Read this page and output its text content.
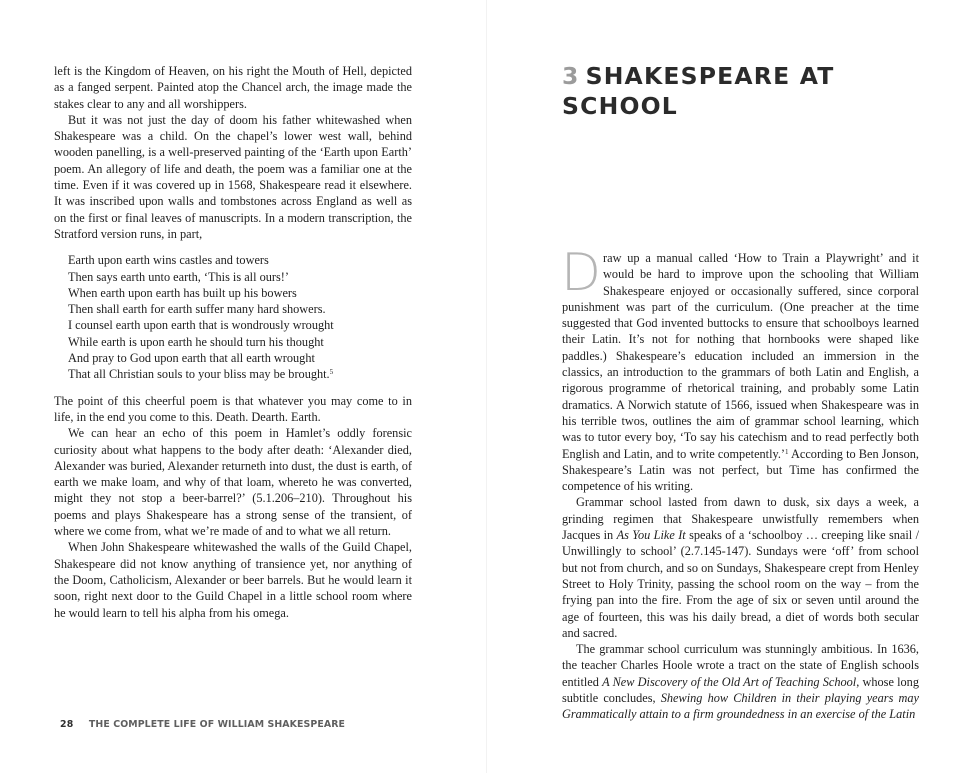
left is the Kingdom of Heaven, on his right the Mouth of Hell, depicted as a fanged serpent. Painted atop the Chancel arch, the image made the stakes clear to any and all worshippers.

But it was not just the day of doom his father whitewashed when Shakespeare was a child. On the chapel’s lower west wall, behind wooden panelling, is a well-preserved painting of the ‘Earth upon Earth’ poem. An allegory of life and death, the poem was a familiar one at the time. Even if it was covered up in 1568, Shakespeare read it elsewhere. It was inscribed upon walls and tombstones across England as well as on the first or final leaves of manuscripts. In a modern transcription, the Stratford version runs, in part,

Earth upon earth wins castles and towers
Then says earth unto earth, ‘This is all ours!’
When earth upon earth has built up his bowers
Then shall earth for earth suffer many hard showers.
I counsel earth upon earth that is wondrously wrought
While earth is upon earth he should turn his thought
And pray to God upon earth that all earth wrought
That all Christian souls to your bliss may be brought.$^5$

The point of this cheerful poem is that whatever you may come to in life, in the end you come to this. Death. Dearth. Earth.

We can hear an echo of this poem in Hamlet’s oddly forensic curiosity about what happens to the body after death: ‘Alexander died, Alexander was buried, Alexander returneth into dust, the dust is earth, of earth we make loam, and why of that loam, whereto he was converted, might they not stop a beer-barrel?’ (5.1.206–210). Throughout his poems and plays Shakespeare has a strong sense of the transient, of where we come from, what we’re made of and to what we all return.

When John Shakespeare whitewashed the walls of the Guild Chapel, Shakespeare did not know anything of transience yet, nor anything of the Doom, Catholicism, Alexander or beer barrels. But he would learn it soon, right next door to the Guild Chapel in a little school room where he would learn to tell his alpha from his omega.

28 THE COMPLETE LIFE OF WILLIAM SHAKESPEARE
3 SHAKESPEARE AT SCHOOL

Draw up a manual called ‘How to Train a Playwright’ and it would be hard to improve upon the schooling that William Shakespeare enjoyed or occasionally suffered, since corporal punishment was part of the curriculum. (One preacher at the time suggested that God invented buttocks to ensure that schoolboys learned their Latin. It’s not for nothing that hornbooks were shaped like paddles.) Shakespeare’s education included an immersion in the classics, an introduction to the grammars of both Latin and English, a rigorous programme of rhetorical training, and probably some Latin dramatics. A Norwich statute of 1566, issued when Shakespeare was in his terrible twos, outlines the aim of grammar school learning, which was to tutor every boy, ‘To say his catechism and to read perfectly both English and Latin, and to write competently.’$^1$ According to Ben Jonson, Shakespeare’s Latin was not perfect, but Time has confirmed the competence of his writing.

Grammar school lasted from dawn to dusk, six days a week, a grinding regimen that Shakespeare unwistfully remembers when Jacques in As You Like It speaks of a ‘schoolboy … creeping like snail / Unwillingly to school’ (2.7.145-147). Sundays were ‘off’ from school but not from church, and so on Sundays, Shakespeare crept from Henley Street to Holy Trinity, passing the school room on the way – from the frying pan into the fire. From the age of six or seven until around the age of fourteen, this was his daily bread, a diet of words both secular and sacred.

The grammar school curriculum was stunningly ambitious. In 1636, the teacher Charles Hoole wrote a tract on the state of English schools entitled A New Discovery of the Old Art of Teaching School, whose long subtitle concludes, Shewing how Children in their playing years may Grammatically attain to a firm groundedness in an exercise of the Latin
